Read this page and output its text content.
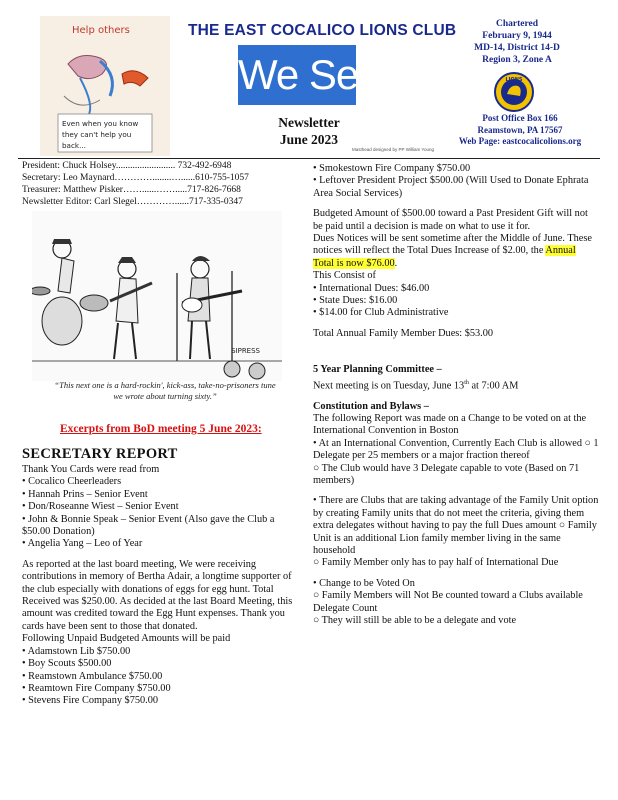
Help others
Even when you know
they can't help you
back...
THE EAST COCALICO LIONS CLUB
We Serve
Newsletter
June 2023
Masthead designed by PP William Young
Chartered
February 9, 1944
MD-14, District 14-D
Region 3, Zone A
LIONS
Post Office Box 166
Reamstown, PA 17567
Web Page: eastcocalicolions.org
President: Chuck Holsey......................... 732-492-6948
Secretary: Leo Maynard…………........…......610-755-1057
Treasurer: Matthew Pisker……......…….....717-826-7668
Newsletter Editor: Carl Slegel…………......717-335-0347
SIPRESS
“This next one is a hard-rockin', kick-ass, take-no-prisoners tune we wrote about turning sixty.”
Excerpts from BoD meeting 5 June 2023:
SECRETARY REPORT

Thank You Cards were read from

• Cocalico Cheerleaders

• Hannah Prins – Senior Event

• Don/Roseanne Wiest – Senior Event

• John & Bonnie Speak – Senior Event (Also gave the Club a $50.00 Donation)

• Angelia Yang – Leo of Year

As reported at the last board meeting, We were receiving contributions in memory of Bertha Adair, a longtime supporter of the club especially with donations of eggs for egg hunt. Total Received was $250.00. As decided at the last Board Meeting, this amount was credited toward the Egg Hunt expenses. Thank you cards have been sent to those that donated.

Following Unpaid Budgeted Amounts will be paid

• Adamstown Lib $750.00

• Boy Scouts $500.00

• Reamstown Ambulance $750.00

• Reamtown Fire Company $750.00

• Stevens Fire Company $750.00

• Smokestown Fire Company $750.00

• Leftover President Project $500.00 (Will Used to Donate Ephrata Area Social Services)

Budgeted Amount of $500.00 toward a Past President Gift will not be paid until a decision is made on what to use it for.

Dues Notices will be sent sometime after the Middle of June. These notices will reflect the Total Dues Increase of $2.00, the Annual Total is now $76.00.

This Consist of

• International Dues: $46.00

• State Dues: $16.00

• $14.00 for Club Administrative

Total Annual Family Member Dues: $53.00

5 Year Planning Committee –

Next meeting is on Tuesday, June 13th at 7:00 AM

Constitution and Bylaws –

The following Report was made on a Change to be voted on at the International Convention in Boston

• At an International Convention, Currently Each Club is allowed ○ 1 Delegate per 25 members or a major fraction thereof

○ The Club would have 3 Delegate capable to vote (Based on 71 members)

• There are Clubs that are taking advantage of the Family Unit option by creating Family units that do not meet the criteria, giving them extra delegates without having to pay the full Dues amount ○ Family Unit is an additional Lion family member living in the same household

○ Family Member only has to pay half of International Due

• Change to be Voted On

○ Family Members will Not Be counted toward a Clubs available Delegate Count

○ They will still be able to be a delegate and vote
